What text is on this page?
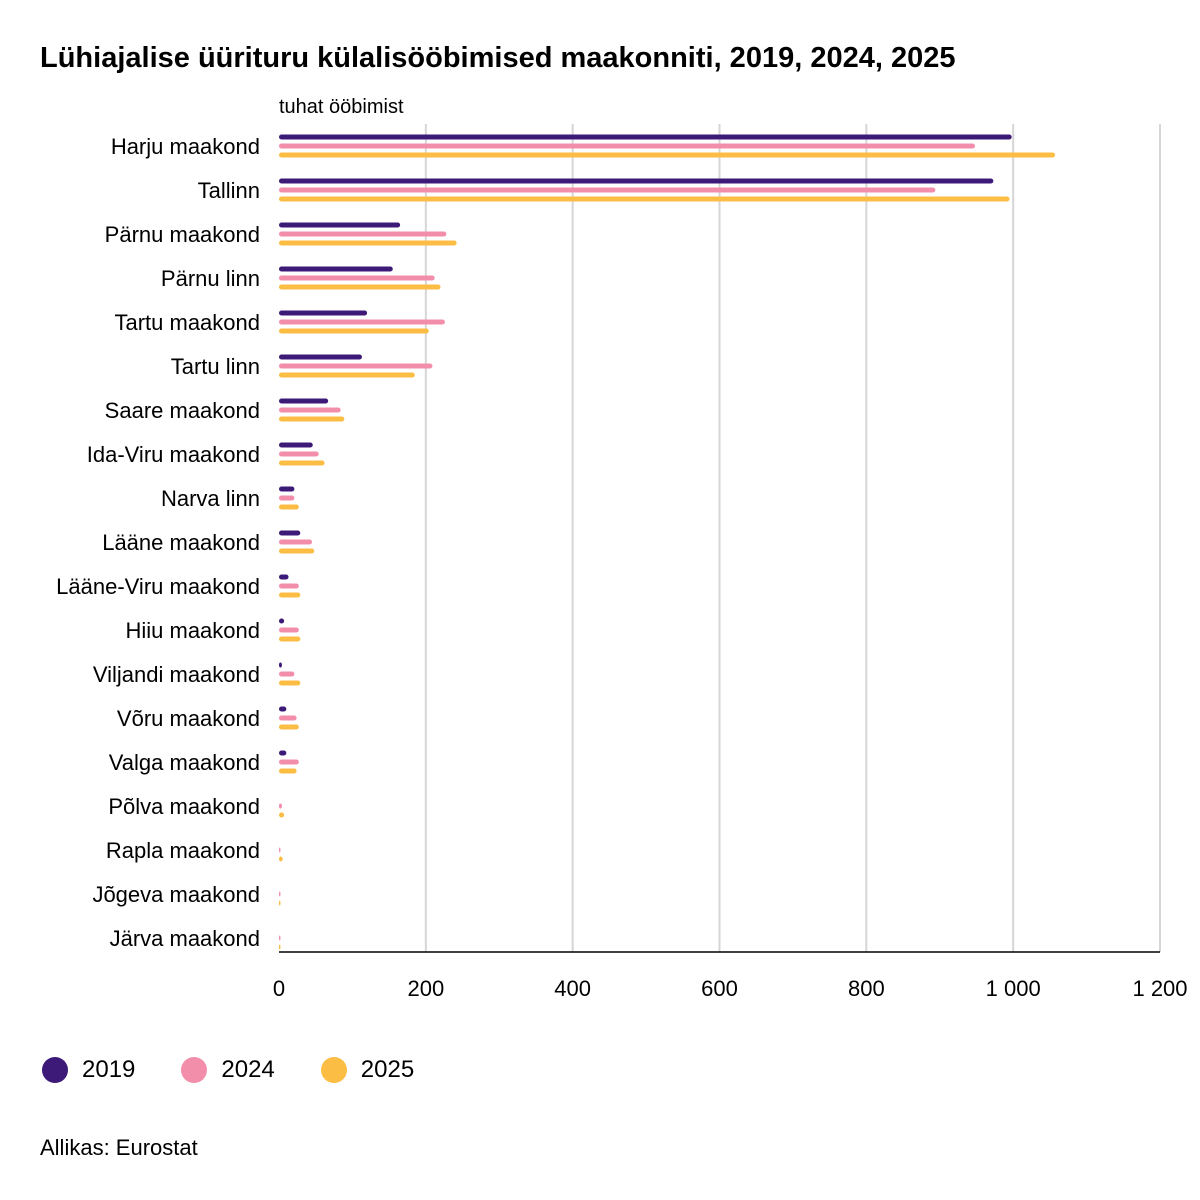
Lühiajalise üürituru külalisööbimised maakonniti, 2019, 2024, 2025
tuhat ööbimist
0	200	400	600	800	1 000	1 200
Harju maakond
Tallinn
Pärnu maakond
Pärnu linn
Tartu maakond
Tartu linn
Saare maakond
Ida-Viru maakond
Narva linn
Lääne maakond
Lääne-Viru maakond
Hiiu maakond
Viljandi maakond
Võru maakond
Valga maakond
Põlva maakond
Rapla maakond
Jõgeva maakond
Järva maakond
2019	2024	2025
Allikas: Eurostat
